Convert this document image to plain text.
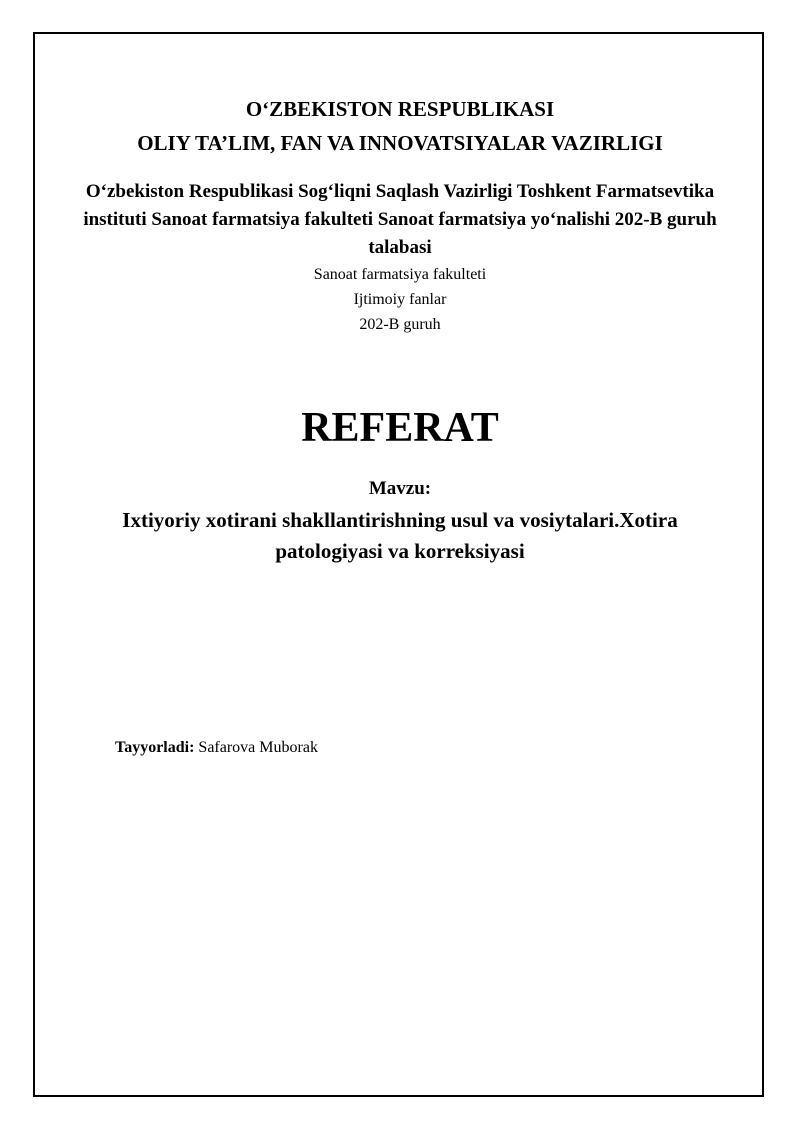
O‘ZBEKISTON RESPUBLIKASI
OLIY TA’LIM, FAN VA INNOVATSIYALAR VAZIRLIGI
O‘zbekiston Respublikasi Sog‘liqni Saqlash Vazirligi Toshkent Farmatsevtika instituti Sanoat farmatsiya fakulteti Sanoat farmatsiya yo‘nalishi 202-B guruh talabasi
Sanoat farmatsiya fakulteti
Ijtimoiy fanlar
202-B guruh
REFERAT
Mavzu:
Ixtiyoriy xotirani shakllantirishning usul va vosiytalari.Xotira patologiyasi va korreksiyasi
Tayyorladi: Safarova Muborak
